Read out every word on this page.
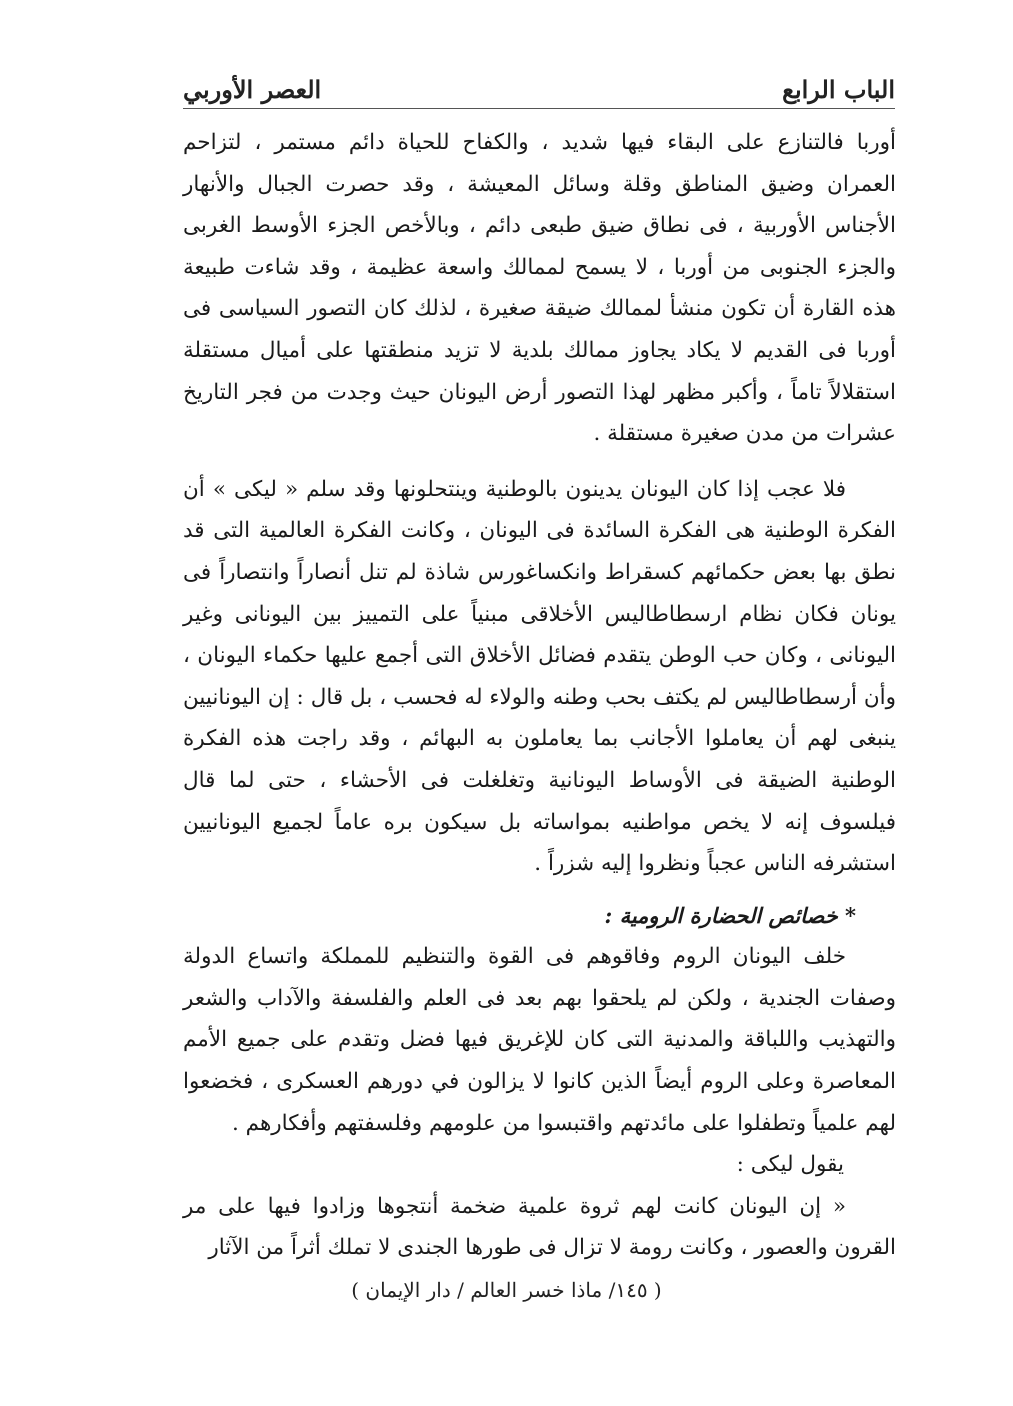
الباب الرابع
العصر الأوربي

أوربا فالتنازع على البقاء فيها شديد ، والكفاح للحياة دائم مستمر ، لتزاحم العمران وضيق المناطق وقلة وسائل المعيشة ، وقد حصرت الجبال والأنهار الأجناس الأوربية ، فى نطاق ضيق طبعى دائم ، وبالأخص الجزء الأوسط الغربى والجزء الجنوبى من أوربا ، لا يسمح لممالك واسعة عظيمة ، وقد شاءت طبيعة هذه القارة أن تكون منشأ لممالك ضيقة صغيرة ، لذلك كان التصور السياسى فى أوربا فى القديم لا يكاد يجاوز ممالك بلدية لا تزيد منطقتها على أميال مستقلة استقلالاً تاماً ، وأكبر مظهر لهذا التصور أرض اليونان حيث وجدت من فجر التاريخ عشرات من مدن صغيرة مستقلة .

فلا عجب إذا كان اليونان يدينون بالوطنية وينتحلونها وقد سلم « ليكى » أن الفكرة الوطنية هى الفكرة السائدة فى اليونان ، وكانت الفكرة العالمية التى قد نطق بها بعض حكمائهم كسقراط وانكساغورس شاذة لم تنل أنصاراً وانتصاراً فى يونان فكان نظام ارسطاطاليس الأخلاقى مبنياً على التمييز بين اليونانى وغير اليونانى ، وكان حب الوطن يتقدم فضائل الأخلاق التى أجمع عليها حكماء اليونان ، وأن أرسطاطاليس لم يكتف بحب وطنه والولاء له فحسب ، بل قال : إن اليونانيين ينبغى لهم أن يعاملوا الأجانب بما يعاملون به البهائم ، وقد راجت هذه الفكرة الوطنية الضيقة فى الأوساط اليونانية وتغلغلت فى الأحشاء ، حتى لما قال فيلسوف إنه لا يخص مواطنيه بمواساته بل سيكون بره عاماً لجميع اليونانيين استشرفه الناس عجباً ونظروا إليه شزراً .

* خصائص الحضارة الرومية :

خلف اليونان الروم وفاقوهم فى القوة والتنظيم للمملكة واتساع الدولة وصفات الجندية ، ولكن لم يلحقوا بهم بعد فى العلم والفلسفة والآداب والشعر والتهذيب واللباقة والمدنية التى كان للإغريق فيها فضل وتقدم على جميع الأمم المعاصرة وعلى الروم أيضاً الذين كانوا لا يزالون في دورهم العسكرى ، فخضعوا لهم علمياً وتطفلوا على مائدتهم واقتبسوا من علومهم وفلسفتهم وأفكارهم .

يقول ليكى :

« إن اليونان كانت لهم ثروة علمية ضخمة أنتجوها وزادوا فيها على مر القرون والعصور ، وكانت رومة لا تزال فى طورها الجندى لا تملك أثراً من الآثار

( ١٤٥/ ماذا خسر العالم / دار الإيمان )
